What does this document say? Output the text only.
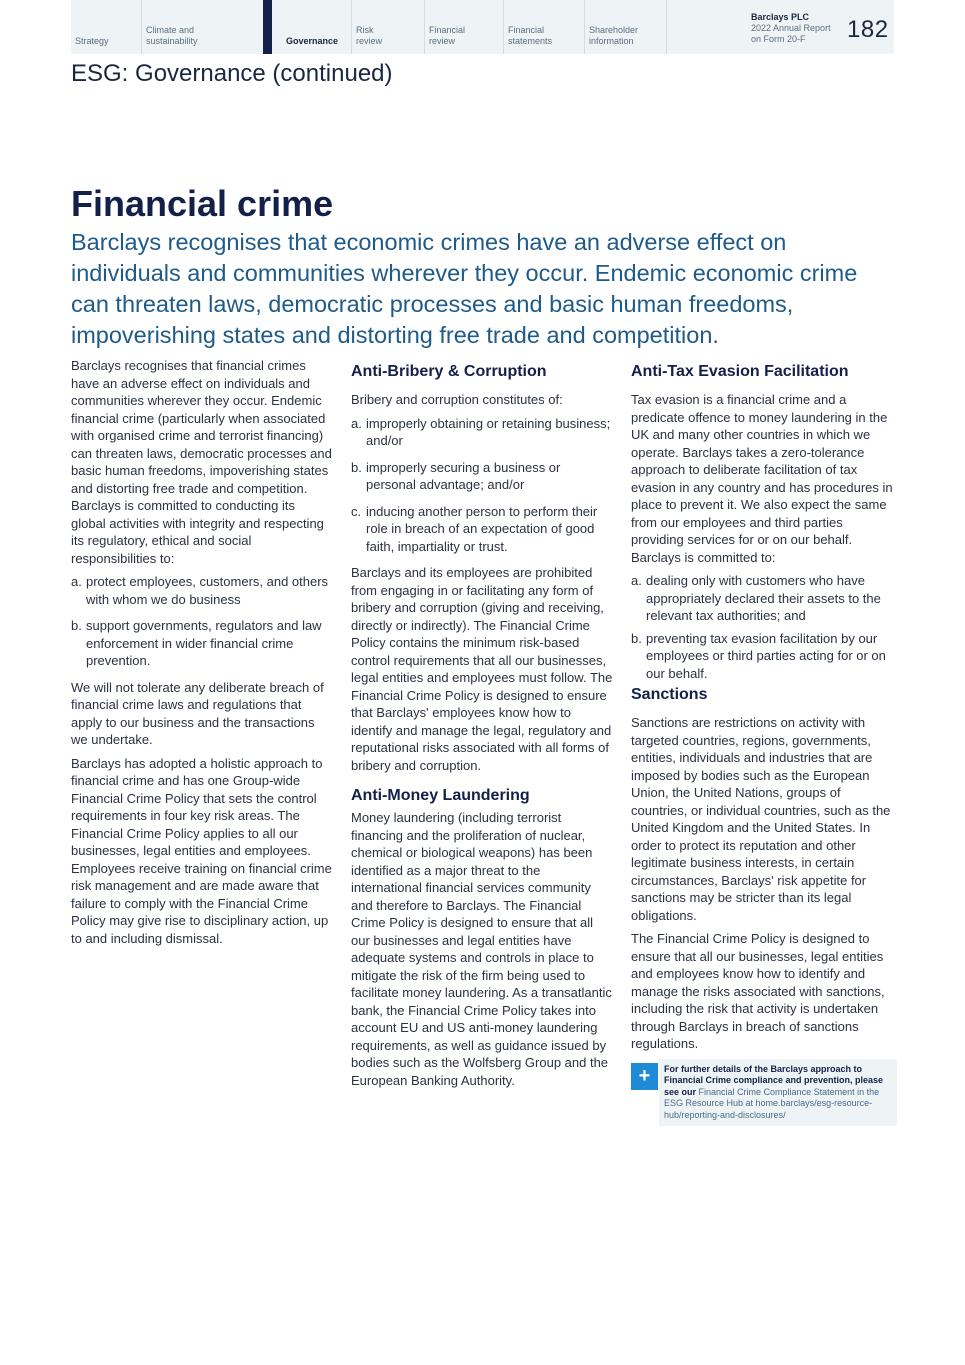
Strategy
Climate and
sustainability	Governance
Risk
review
Financial
review
Financial
statements
Shareholder
information
Barclays PLC
2022 Annual Report
on Form 20-F	182
ESG: Governance (continued)
Financial crime

Barclays recognises that economic crimes have an adverse effect on individuals and communities wherever they occur. Endemic economic crime can threaten laws, democratic processes and basic human freedoms, impoverishing states and distorting free trade and competition.

Barclays recognises that financial crimes have an adverse effect on individuals and communities wherever they occur. Endemic financial crime (particularly when associated with organised crime and terrorist financing) can threaten laws, democratic processes and basic human freedoms, impoverishing states and distorting free trade and competition. Barclays is committed to conducting its global activities with integrity and respecting its regulatory, ethical and social responsibilities to:

a. protect employees, customers, and others with whom we do business
b. support governments, regulators and law enforcement in wider financial crime prevention.

We will not tolerate any deliberate breach of financial crime laws and regulations that apply to our business and the transactions we undertake.

Barclays has adopted a holistic approach to financial crime and has one Group-wide Financial Crime Policy that sets the control requirements in four key risk areas. The Financial Crime Policy applies to all our businesses, legal entities and employees. Employees receive training on financial crime risk management and are made aware that failure to comply with the Financial Crime Policy may give rise to disciplinary action, up to and including dismissal.

Anti-Bribery & Corruption

Bribery and corruption constitutes of:

a. improperly obtaining or retaining business; and/or
b. improperly securing a business or personal advantage; and/or
c. inducing another person to perform their role in breach of an expectation of good faith, impartiality or trust.

Barclays and its employees are prohibited from engaging in or facilitating any form of bribery and corruption (giving and receiving, directly or indirectly). The Financial Crime Policy contains the minimum risk-based control requirements that all our businesses, legal entities and employees must follow. The Financial Crime Policy is designed to ensure that Barclays' employees know how to identify and manage the legal, regulatory and reputational risks associated with all forms of bribery and corruption.

Anti-Money Laundering

Money laundering (including terrorist financing and the proliferation of nuclear, chemical or biological weapons) has been identified as a major threat to the international financial services community and therefore to Barclays. The Financial Crime Policy is designed to ensure that all our businesses and legal entities have adequate systems and controls in place to mitigate the risk of the firm being used to facilitate money laundering. As a transatlantic bank, the Financial Crime Policy takes into account EU and US anti-money laundering requirements, as well as guidance issued by bodies such as the Wolfsberg Group and the European Banking Authority.

Anti-Tax Evasion Facilitation

Tax evasion is a financial crime and a predicate offence to money laundering in the UK and many other countries in which we operate. Barclays takes a zero-tolerance approach to deliberate facilitation of tax evasion in any country and has procedures in place to prevent it. We also expect the same from our employees and third parties providing services for or on our behalf. Barclays is committed to:

a. dealing only with customers who have appropriately declared their assets to the relevant tax authorities; and
b. preventing tax evasion facilitation by our employees or third parties acting for or on our behalf.
Sanctions

Sanctions are restrictions on activity with targeted countries, regions, governments, entities, individuals and industries that are imposed by bodies such as the European Union, the United Nations, groups of countries, or individual countries, such as the United Kingdom and the United States. In order to protect its reputation and other legitimate business interests, in certain circumstances, Barclays' risk appetite for sanctions may be stricter than its legal obligations.

The Financial Crime Policy is designed to ensure that all our businesses, legal entities and employees know how to identify and manage the risks associated with sanctions, including the risk that activity is undertaken through Barclays in breach of sanctions regulations.

+	For further details of the Barclays approach to Financial Crime compliance and prevention, please see our Financial Crime Compliance Statement in the ESG Resource Hub at home.barclays/esg-resource-hub/reporting-and-disclosures/
